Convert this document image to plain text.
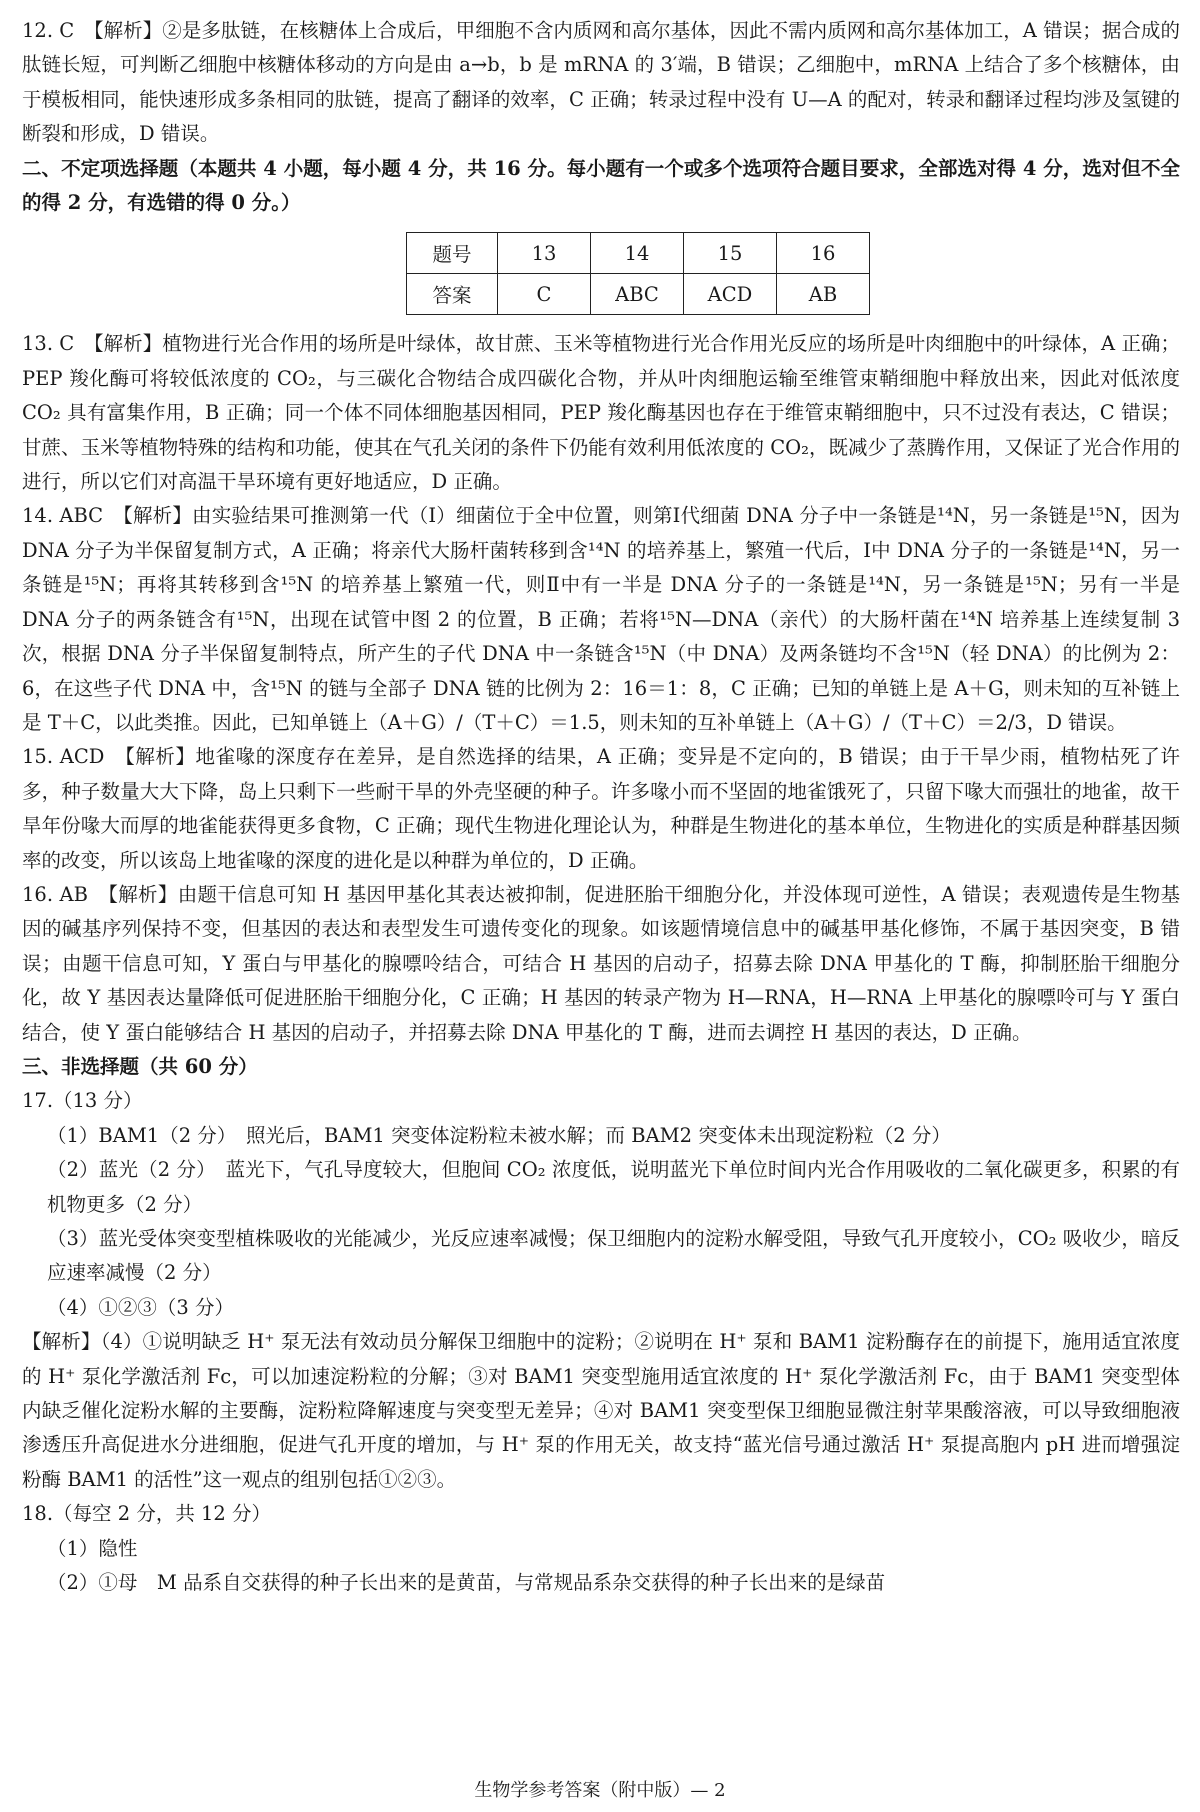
12. C　【解析】②是多肽链，在核糖体上合成后，甲细胞不含内质网和高尔基体，因此不需内质网和高尔基体加工，A 错误；据合成的肽链长短，可判断乙细胞中核糖体移动的方向是由 a→b，b 是 mRNA 的 3′端，B 错误；乙细胞中，mRNA 上结合了多个核糖体，由于模板相同，能快速形成多条相同的肽链，提高了翻译的效率，C 正确；转录过程中没有 U—A 的配对，转录和翻译过程均涉及氢键的断裂和形成，D 错误。

二、不定项选择题（本题共 4 小题，每小题 4 分，共 16 分。每小题有一个或多个选项符合题目要求，全部选对得 4 分，选对但不全的得 2 分，有选错的得 0 分。）

题号	13	14	15	16
答案	C	ABC	ACD	AB

13. C　【解析】植物进行光合作用的场所是叶绿体，故甘蔗、玉米等植物进行光合作用光反应的场所是叶肉细胞中的叶绿体，A 正确；PEP 羧化酶可将较低浓度的 CO₂，与三碳化合物结合成四碳化合物，并从叶肉细胞运输至维管束鞘细胞中释放出来，因此对低浓度 CO₂ 具有富集作用，B 正确；同一个体不同体细胞基因相同，PEP 羧化酶基因也存在于维管束鞘细胞中，只不过没有表达，C 错误；甘蔗、玉米等植物特殊的结构和功能，使其在气孔关闭的条件下仍能有效利用低浓度的 CO₂，既减少了蒸腾作用，又保证了光合作用的进行，所以它们对高温干旱环境有更好地适应，D 正确。

14. ABC　【解析】由实验结果可推测第一代（Ⅰ）细菌位于全中位置，则第Ⅰ代细菌 DNA 分子中一条链是¹⁴N，另一条链是¹⁵N，因为 DNA 分子为半保留复制方式，A 正确；将亲代大肠杆菌转移到含¹⁴N 的培养基上，繁殖一代后，Ⅰ中 DNA 分子的一条链是¹⁴N，另一条链是¹⁵N；再将其转移到含¹⁵N 的培养基上繁殖一代，则Ⅱ中有一半是 DNA 分子的一条链是¹⁴N，另一条链是¹⁵N；另有一半是 DNA 分子的两条链含有¹⁵N，出现在试管中图 2 的位置，B 正确；若将¹⁵N—DNA（亲代）的大肠杆菌在¹⁴N 培养基上连续复制 3 次，根据 DNA 分子半保留复制特点，所产生的子代 DNA 中一条链含¹⁵N（中 DNA）及两条链均不含¹⁵N（轻 DNA）的比例为 2：6，在这些子代 DNA 中，含¹⁵N 的链与全部子 DNA 链的比例为 2：16＝1：8，C 正确；已知的单链上是 A＋G，则未知的互补链上是 T＋C，以此类推。因此，已知单链上（A＋G）/（T＋C）＝1.5，则未知的互补单链上（A＋G）/（T＋C）＝2/3，D 错误。

15. ACD　【解析】地雀喙的深度存在差异，是自然选择的结果，A 正确；变异是不定向的，B 错误；由于干旱少雨，植物枯死了许多，种子数量大大下降，岛上只剩下一些耐干旱的外壳坚硬的种子。许多喙小而不坚固的地雀饿死了，只留下喙大而强壮的地雀，故干旱年份喙大而厚的地雀能获得更多食物，C 正确；现代生物进化理论认为，种群是生物进化的基本单位，生物进化的实质是种群基因频率的改变，所以该岛上地雀喙的深度的进化是以种群为单位的，D 正确。

16. AB　【解析】由题干信息可知 H 基因甲基化其表达被抑制，促进胚胎干细胞分化，并没体现可逆性，A 错误；表观遗传是生物基因的碱基序列保持不变，但基因的表达和表型发生可遗传变化的现象。如该题情境信息中的碱基甲基化修饰，不属于基因突变，B 错误；由题干信息可知，Y 蛋白与甲基化的腺嘌呤结合，可结合 H 基因的启动子，招募去除 DNA 甲基化的 T 酶，抑制胚胎干细胞分化，故 Y 基因表达量降低可促进胚胎干细胞分化，C 正确；H 基因的转录产物为 H—RNA，H—RNA 上甲基化的腺嘌呤可与 Y 蛋白结合，使 Y 蛋白能够结合 H 基因的启动子，并招募去除 DNA 甲基化的 T 酶，进而去调控 H 基因的表达，D 正确。

三、非选择题（共 60 分）

17.（13 分）

（1）BAM1（2 分）　照光后，BAM1 突变体淀粉粒未被水解；而 BAM2 突变体未出现淀粉粒（2 分）

（2）蓝光（2 分）　蓝光下，气孔导度较大，但胞间 CO₂ 浓度低，说明蓝光下单位时间内光合作用吸收的二氧化碳更多，积累的有机物更多（2 分）

（3）蓝光受体突变型植株吸收的光能减少，光反应速率减慢；保卫细胞内的淀粉水解受阻，导致气孔开度较小，CO₂ 吸收少，暗反应速率减慢（2 分）

（4）①②③（3 分）

【解析】（4）①说明缺乏 H⁺ 泵无法有效动员分解保卫细胞中的淀粉；②说明在 H⁺ 泵和 BAM1 淀粉酶存在的前提下，施用适宜浓度的 H⁺ 泵化学激活剂 Fc，可以加速淀粉粒的分解；③对 BAM1 突变型施用适宜浓度的 H⁺ 泵化学激活剂 Fc，由于 BAM1 突变型体内缺乏催化淀粉水解的主要酶，淀粉粒降解速度与突变型无差异；④对 BAM1 突变型保卫细胞显微注射苹果酸溶液，可以导致细胞液渗透压升高促进水分进细胞，促进气孔开度的增加，与 H⁺ 泵的作用无关，故支持“蓝光信号通过激活 H⁺ 泵提高胞内 pH 进而增强淀粉酶 BAM1 的活性”这一观点的组别包括①②③。

18.（每空 2 分，共 12 分）

（1）隐性

（2）①母　M 品系自交获得的种子长出来的是黄苗，与常规品系杂交获得的种子长出来的是绿苗

生物学参考答案（附中版）— 2
